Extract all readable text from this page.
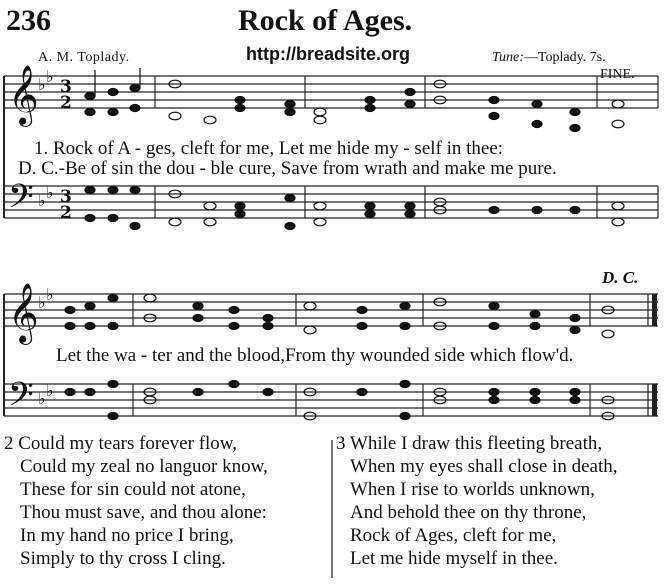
236	Rock of Ages.
A. M. Toplady.	http://breadsite.org	Tune:—Toplady. 7s.
FINE.
D. C.
𝄞
𝄢
𝄞
𝄢
♭ ♭
♭ ♭
♭ ♭
♭ ♭
3
2
3
2
1. Rock of A - ges, cleft for me, Let me hide my - self in thee:
D. C.-Be of sin the dou - ble cure, Save from wrath and make me pure.
Let the wa - ter and the blood,From thy wounded side which flow'd.
2 Could my tears forever flow,
Could my zeal no languor know,
These for sin could not atone,
Thou must save, and thou alone:
In my hand no price I bring,
Simply to thy cross I cling.
3 While I draw this fleeting breath,
When my eyes shall close in death,
When I rise to worlds unknown,
And behold thee on thy throne,
Rock of Ages, cleft for me,
Let me hide myself in thee.
